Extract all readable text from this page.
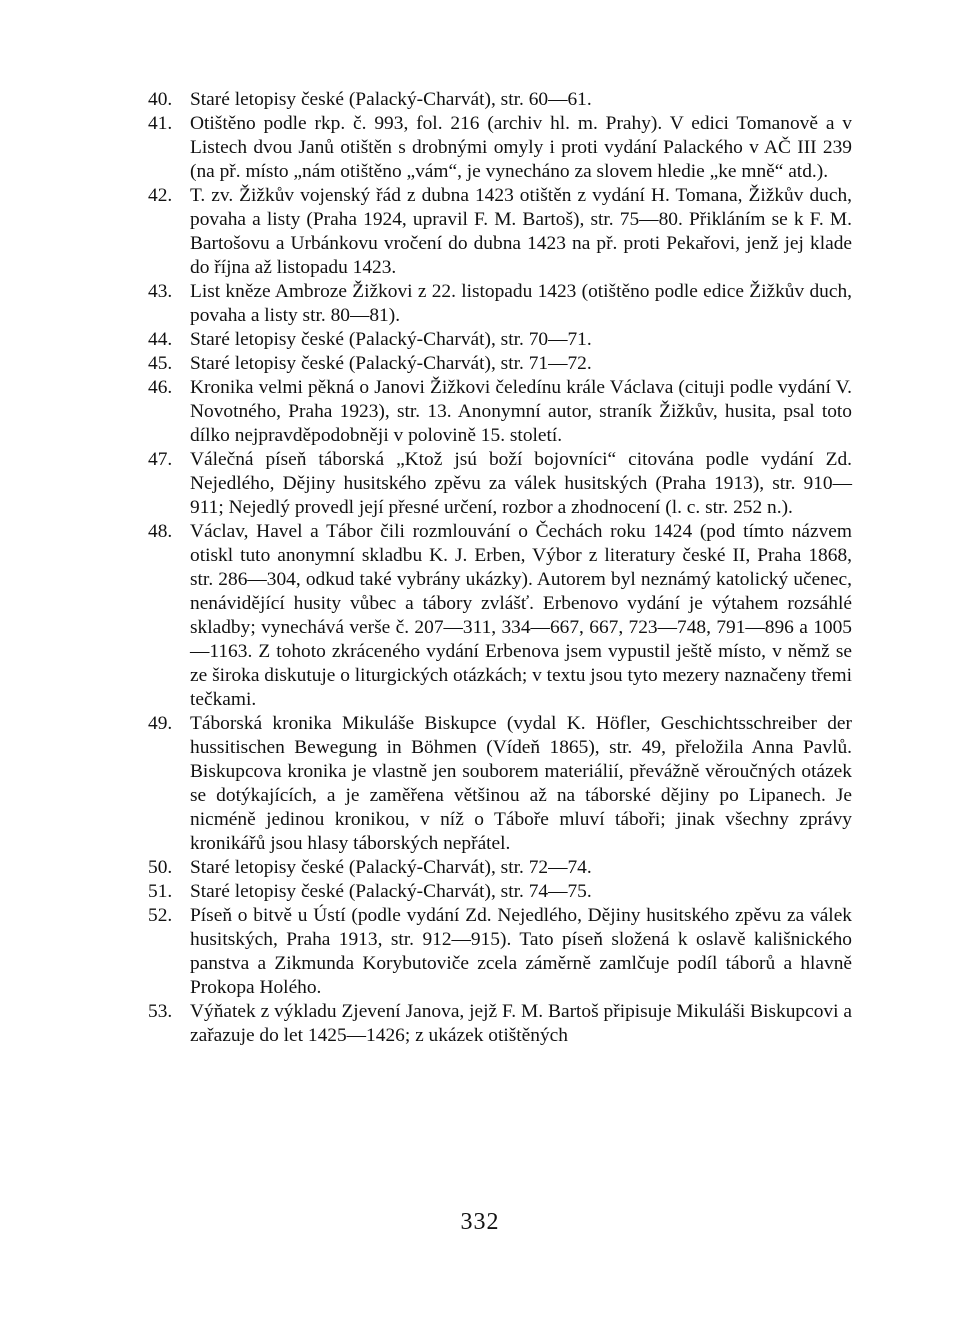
40. Staré letopisy české (Palacký-Charvát), str. 60—61.
41. Otištěno podle rkp. č. 993, fol. 216 (archiv hl. m. Prahy). V edici Tomanově a v Listech dvou Janů otištěn s drobnými omyly i proti vydání Palackého v AČ III 239 (na př. místo „nám otištěno „vám“, je vynecháno za slovem hledie „ke mně“ atd.).
42. T. zv. Žižkův vojenský řád z dubna 1423 otištěn z vydání H. Tomana, Žižkův duch, povaha a listy (Praha 1924, upravil F. M. Bartoš), str. 75—80. Přikláním se k F. M. Bartošovu a Urbánkovu vročení do dubna 1423 na př. proti Pekařovi, jenž jej klade do října až listopadu 1423.
43. List kněze Ambroze Žižkovi z 22. listopadu 1423 (otištěno podle edice Žižkův duch, povaha a listy str. 80—81).
44. Staré letopisy české (Palacký-Charvát), str. 70—71.
45. Staré letopisy české (Palacký-Charvát), str. 71—72.
46. Kronika velmi pěkná o Janovi Žižkovi čeledínu krále Václava (cituji podle vydání V. Novotného, Praha 1923), str. 13. Anonymní autor, straník Žižkův, husita, psal toto dílko nejpravděpodobněji v polovině 15. století.
47. Válečná píseň táborská „Ktož jsú boží bojovníci“ citována podle vydání Zd. Nejedlého, Dějiny husitského zpěvu za válek husitských (Praha 1913), str. 910—911; Nejedlý provedl její přesné určení, rozbor a zhodnocení (l. c. str. 252 n.).
48. Václav, Havel a Tábor čili rozmlouvání o Čechách roku 1424 (pod tímto názvem otiskl tuto anonymní skladbu K. J. Erben, Výbor z literatury české II, Praha 1868, str. 286—304, odkud také vybrány ukázky). Autorem byl neznámý katolický učenec, nenávidějící husity vůbec a tábory zvlášť. Erbenovo vydání je výtahem rozsáhlé skladby; vynechává verše č. 207—311, 334—667, 667, 723—748, 791—896 a 1005—1163. Z tohoto zkráceného vydání Erbenova jsem vypustil ještě místo, v němž se ze široka diskutuje o liturgických otázkách; v textu jsou tyto mezery naznačeny třemi tečkami.
49. Táborská kronika Mikuláše Biskupce (vydal K. Höfler, Geschichtsschreiber der hussitischen Bewegung in Böhmen (Vídeň 1865), str. 49, přeložila Anna Pavlů. Biskupcova kronika je vlastně jen souborem materiálií, převážně věroučných otázek se dotýkajících, a je zaměřena většinou až na táborské dějiny po Lipanech. Je nicméně jedinou kronikou, v níž o Táboře mluví táboři; jinak všechny zprávy kronikářů jsou hlasy táborských nepřátel.
50. Staré letopisy české (Palacký-Charvát), str. 72—74.
51. Staré letopisy české (Palacký-Charvát), str. 74—75.
52. Píseň o bitvě u Ústí (podle vydání Zd. Nejedlého, Dějiny husitského zpěvu za válek husitských, Praha 1913, str. 912—915). Tato píseň složená k oslavě kališnického panstva a Zikmunda Korybutoviče zcela záměrně zamlčuje podíl táborů a hlavně Prokopa Holého.
53. Výňatek z výkladu Zjevení Janova, jejž F. M. Bartoš připisuje Mikuláši Biskupcovi a zařazuje do let 1425—1426; z ukázek otištěných
332
